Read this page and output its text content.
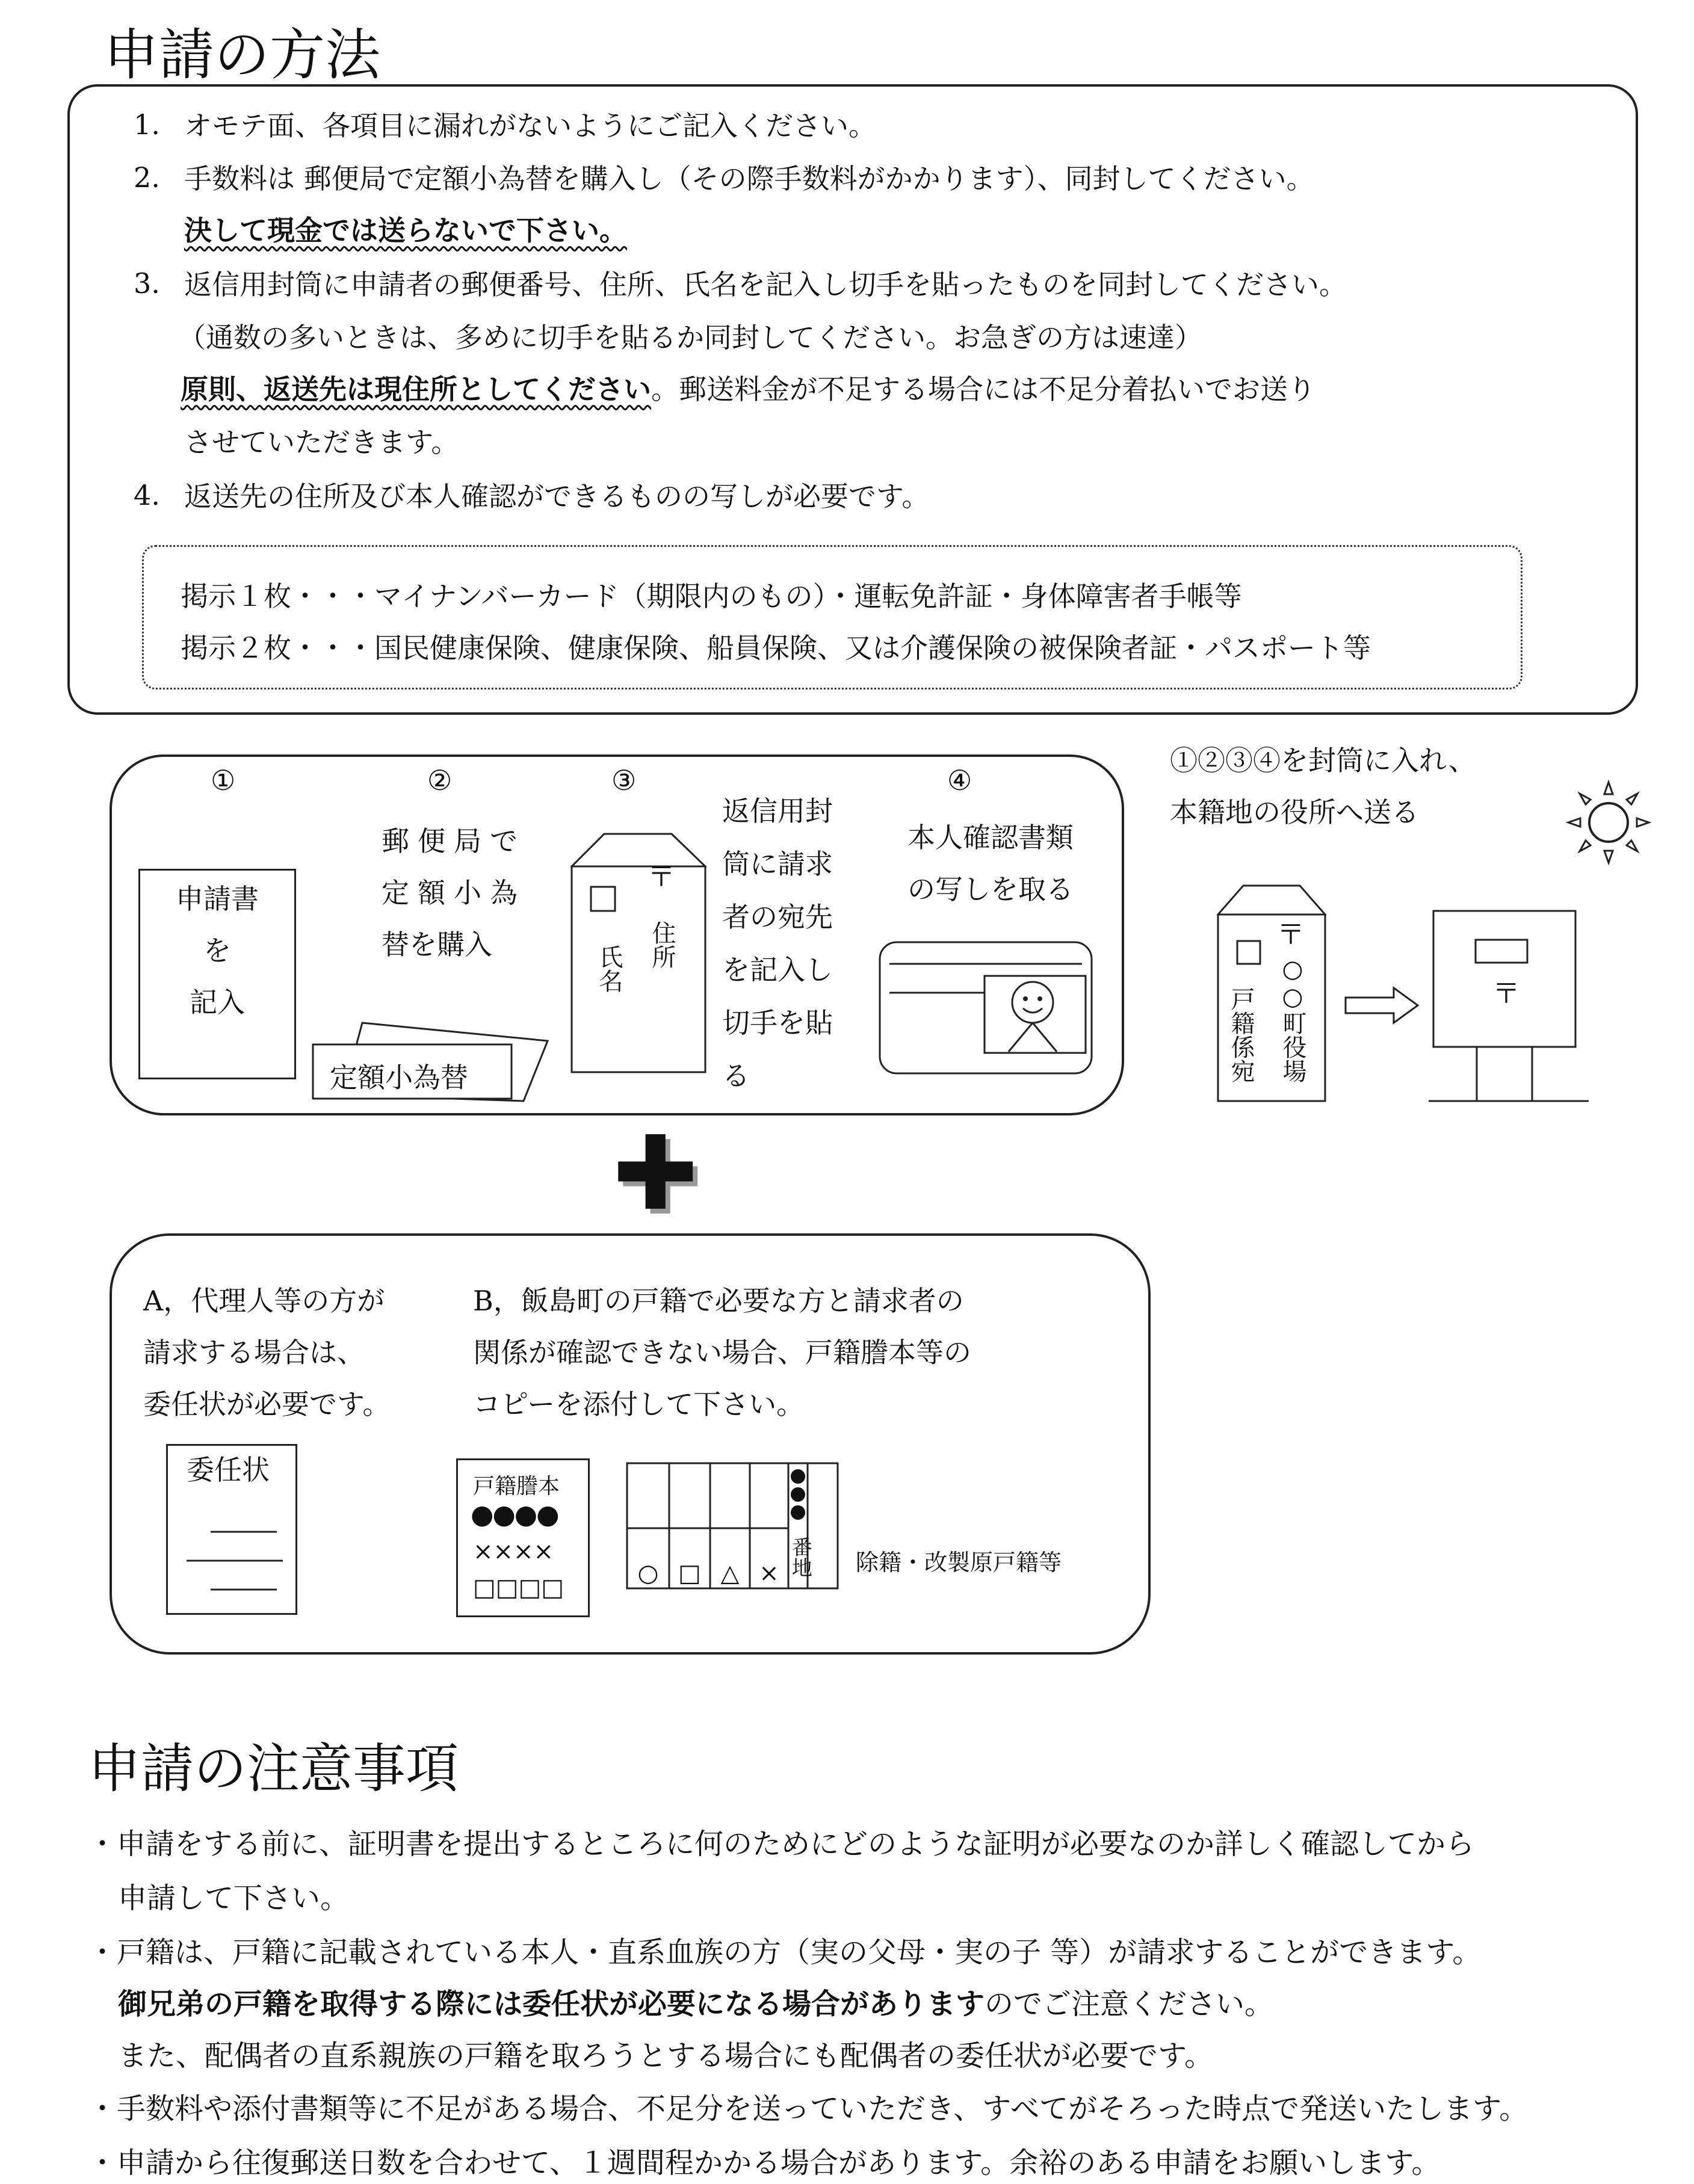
申請の方法
1. オモテ面、各項目に漏れがないようにご記入ください。
2. 手数料は 郵便局で定額小為替を購入し（その際手数料がかかります）、同封してください。
決して現金では送らないで下さい。
3. 返信用封筒に申請者の郵便番号、住所、氏名を記入し切手を貼ったものを同封してください。
（通数の多いときは、多めに切手を貼るか同封してください。お急ぎの方は速達）
原則、返送先は現住所としてください。郵送料金が不足する場合には不足分着払いでお送り
させていただきます。
4. 返送先の住所及び本人確認ができるものの写しが必要です。
掲示１枚・・・マイナンバーカード（期限内のもの）・運転免許証・身体障害者手帳等
掲示２枚・・・国民健康保険、健康保険、船員保険、又は介護保険の被保険者証・パスポート等
①	②	③	④
申請書
を
記入
郵便局で
定額小為
替を購入
定額小為替
〒
住所
氏名
返信用封
筒に請求
者の宛先
を記入し
切手を貼
る
本人確認書類
の写しを取る
①②③④を封筒に入れ、
本籍地の役所へ送る
〒
○○町役場
戸籍係宛	〒
✚
A，代理人等の方が
請求する場合は、
委任状が必要です。
委任状
B，飯島町の戸籍で必要な方と請求者の
関係が確認できない場合、戸籍謄本等の
コピーを添付して下さい。
戸籍謄本
●●●●
××××
□□□□
○ □ △ × 番地 除籍・改製原戸籍等
申請の注意事項
・申請をする前に、証明書を提出するところに何のためにどのような証明が必要なのか詳しく確認してから
申請して下さい。
・戸籍は、戸籍に記載されている本人・直系血族の方（実の父母・実の子 等）が請求することができます。
御兄弟の戸籍を取得する際には委任状が必要になる場合がありますのでご注意ください。
また、配偶者の直系親族の戸籍を取ろうとする場合にも配偶者の委任状が必要です。
・手数料や添付書類等に不足がある場合、不足分を送っていただき、すべてがそろった時点で発送いたします。
・申請から往復郵送日数を合わせて、１週間程かかる場合があります。余裕のある申請をお願いします。
